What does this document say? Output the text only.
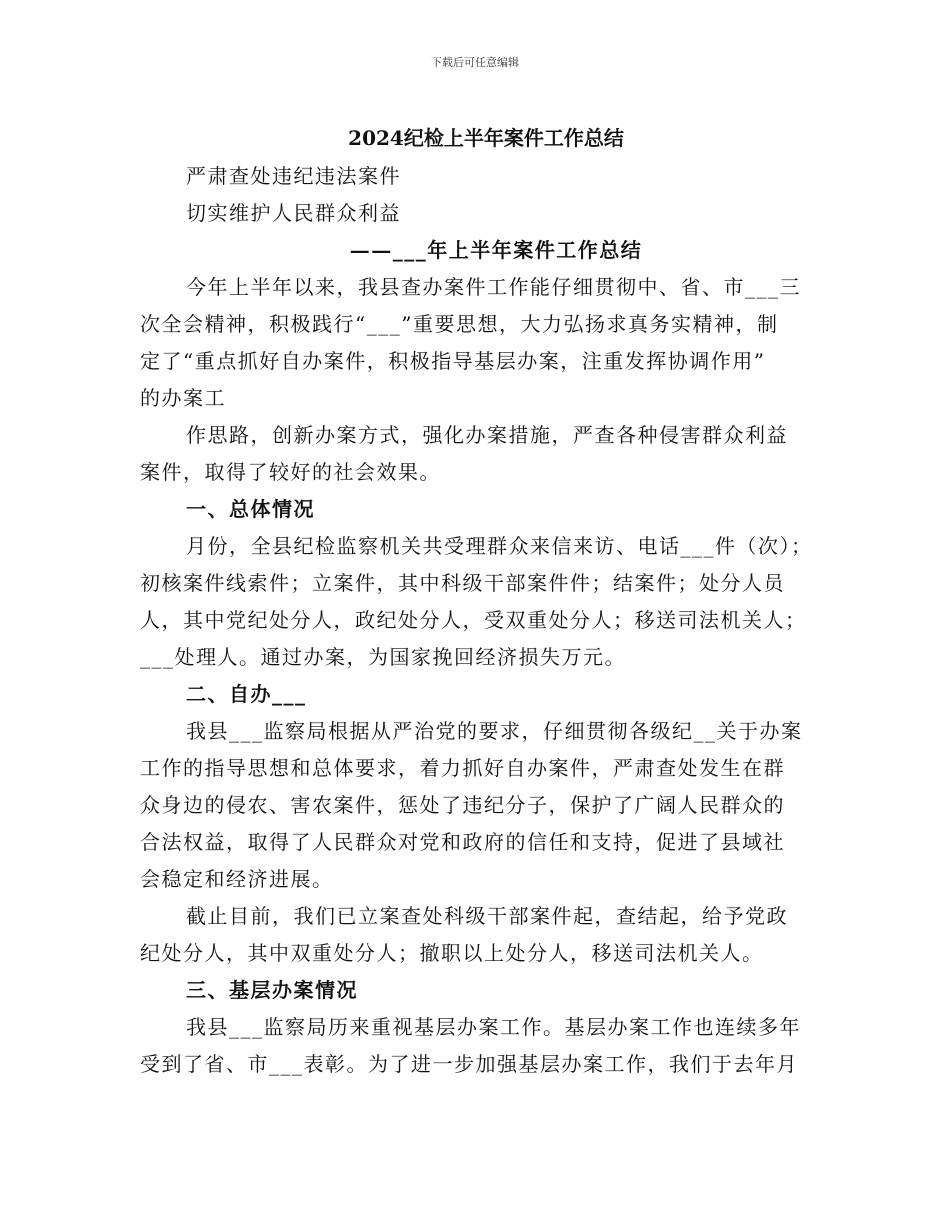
下载后可任意编辑
2024纪检上半年案件工作总结
严肃查处违纪违法案件
切实维护人民群众利益
——___年上半年案件工作总结
今年上半年以来，我县查办案件工作能仔细贯彻中、省、市___三
次全会精神，积极践行“___”重要思想，大力弘扬求真务实精神，制
定了“重点抓好自办案件，积极指导基层办案，注重发挥协调作用”
的办案工
作思路，创新办案方式，强化办案措施，严查各种侵害群众利益
案件，取得了较好的社会效果。
一、总体情况
月份，全县纪检监察机关共受理群众来信来访、电话___件（次）；
初核案件线索件；立案件，其中科级干部案件件；结案件；处分人员
人，其中党纪处分人，政纪处分人，受双重处分人；移送司法机关人；
___处理人。通过办案，为国家挽回经济损失万元。
二、自办___
我县___监察局根据从严治党的要求，仔细贯彻各级纪__关于办案
工作的指导思想和总体要求，着力抓好自办案件，严肃查处发生在群
众身边的侵农、害农案件，惩处了违纪分子，保护了广阔人民群众的
合法权益，取得了人民群众对党和政府的信任和支持，促进了县域社
会稳定和经济进展。
截止目前，我们已立案查处科级干部案件起，查结起，给予党政
纪处分人，其中双重处分人；撤职以上处分人，移送司法机关人。
三、基层办案情况
我县___监察局历来重视基层办案工作。基层办案工作也连续多年
受到了省、市___表彰。为了进一步加强基层办案工作，我们于去年月
